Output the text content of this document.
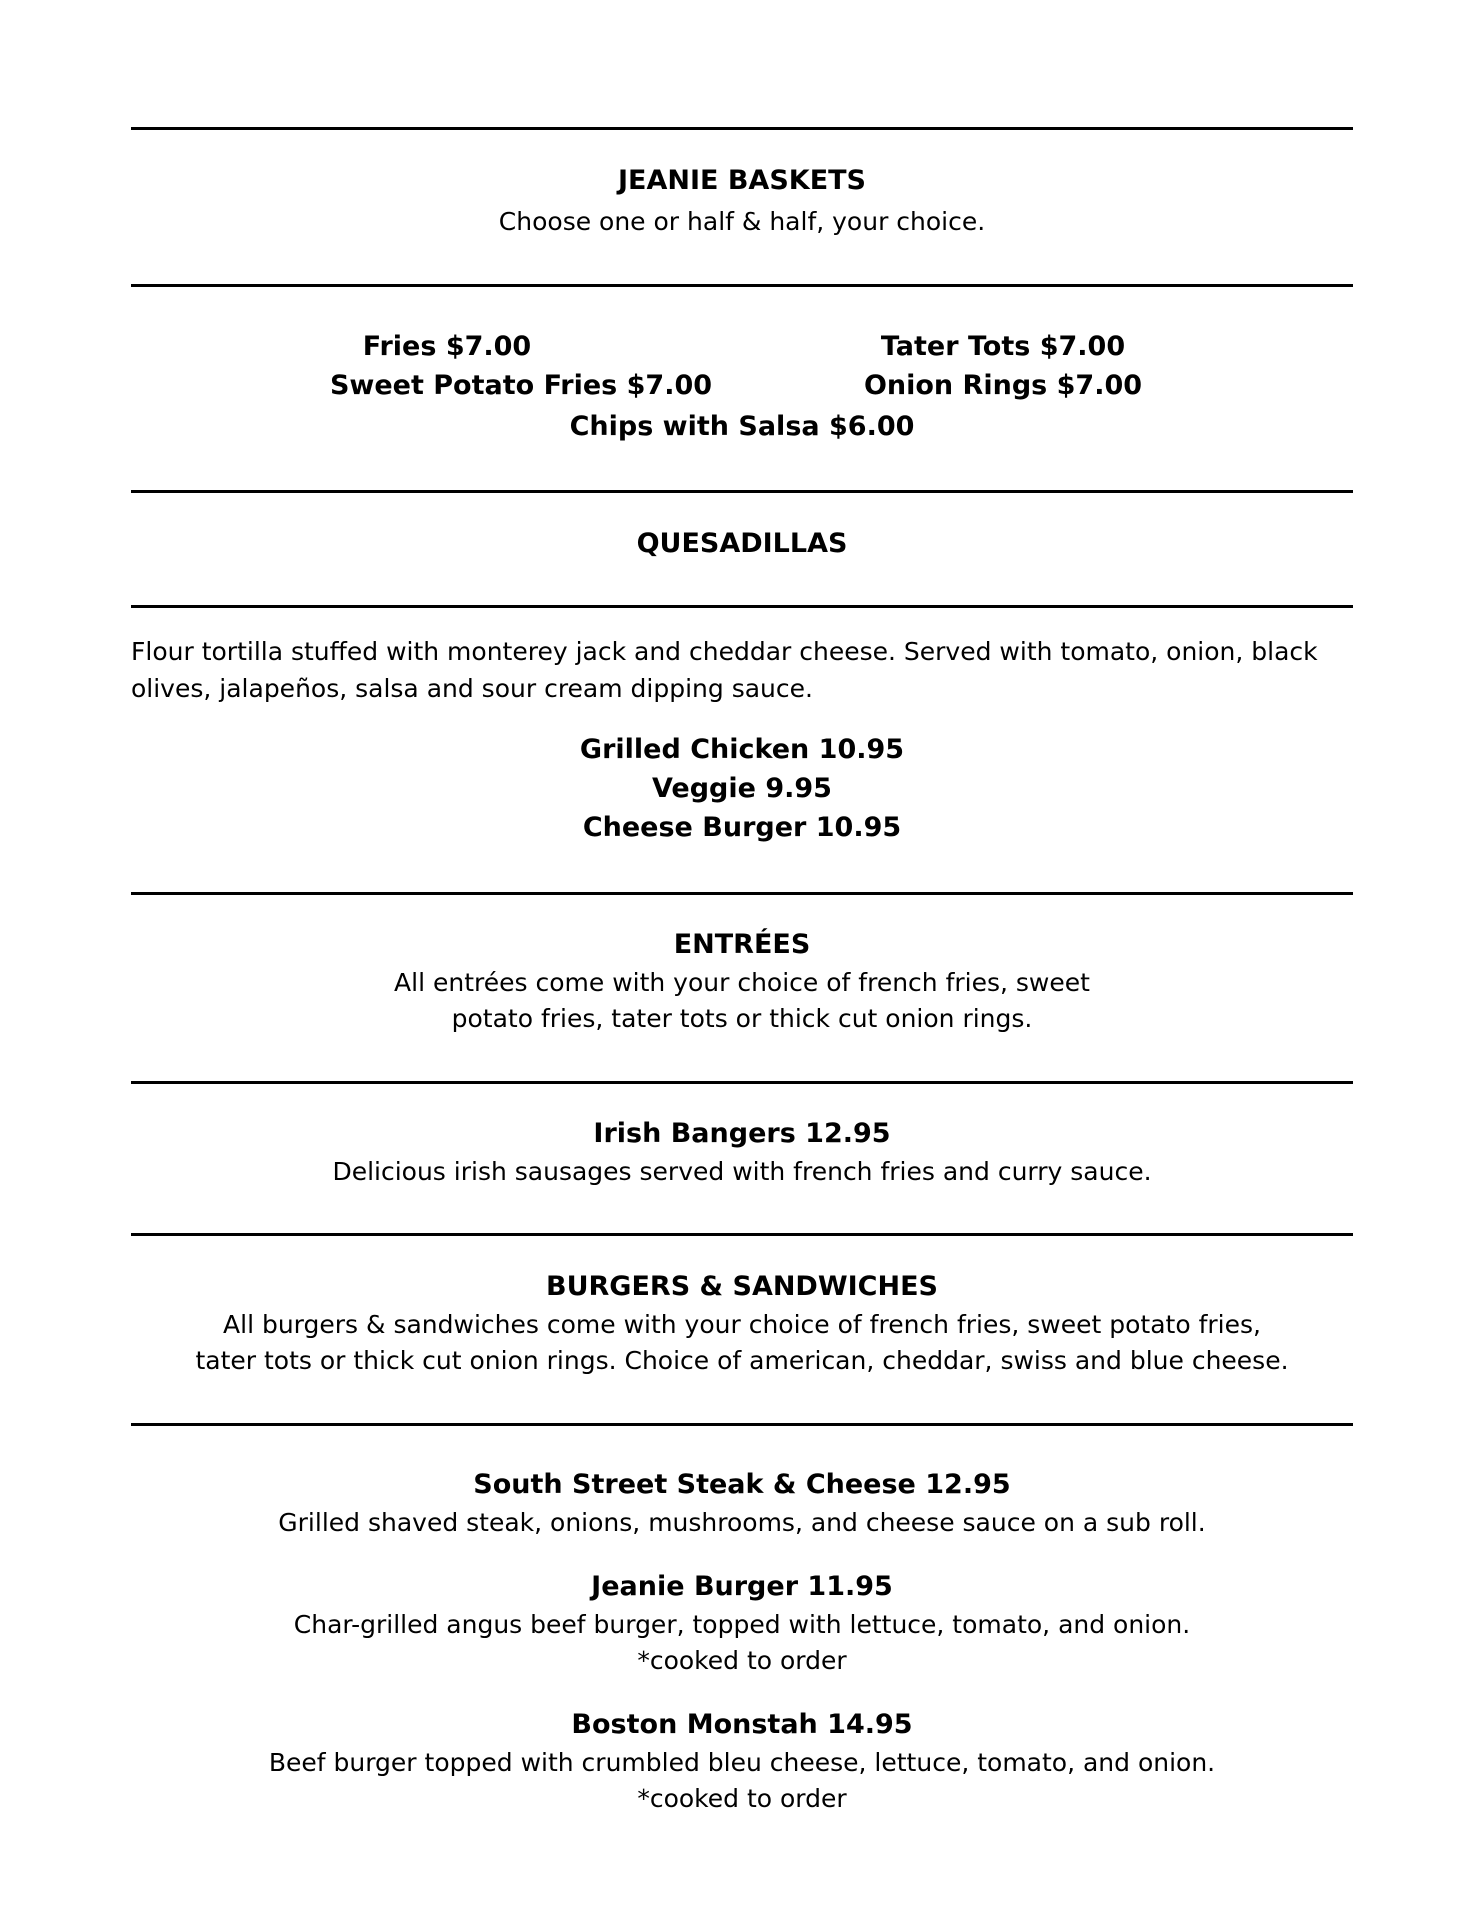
JEANIE BASKETS
Choose one or half & half, your choice.
Fries $7.00	Tater Tots $7.00
Sweet Potato Fries $7.00	Onion Rings $7.00
Chips with Salsa $6.00
QUESADILLAS
Flour tortilla stuffed with monterey jack and cheddar cheese. Served with tomato, onion, black olives, jalapeños, salsa and sour cream dipping sauce.
Grilled Chicken 10.95
Veggie 9.95
Cheese Burger 10.95
ENTRÉES
All entrées come with your choice of french fries, sweet
potato fries, tater tots or thick cut onion rings.
Irish Bangers 12.95
Delicious irish sausages served with french fries and curry sauce.
BURGERS & SANDWICHES
All burgers & sandwiches come with your choice of french fries, sweet potato fries,
tater tots or thick cut onion rings. Choice of american, cheddar, swiss and blue cheese.
South Street Steak & Cheese 12.95
Grilled shaved steak, onions, mushrooms, and cheese sauce on a sub roll.
Jeanie Burger 11.95
Char-grilled angus beef burger, topped with lettuce, tomato, and onion.
*cooked to order
Boston Monstah 14.95
Beef burger topped with crumbled bleu cheese, lettuce, tomato, and onion.
*cooked to order
